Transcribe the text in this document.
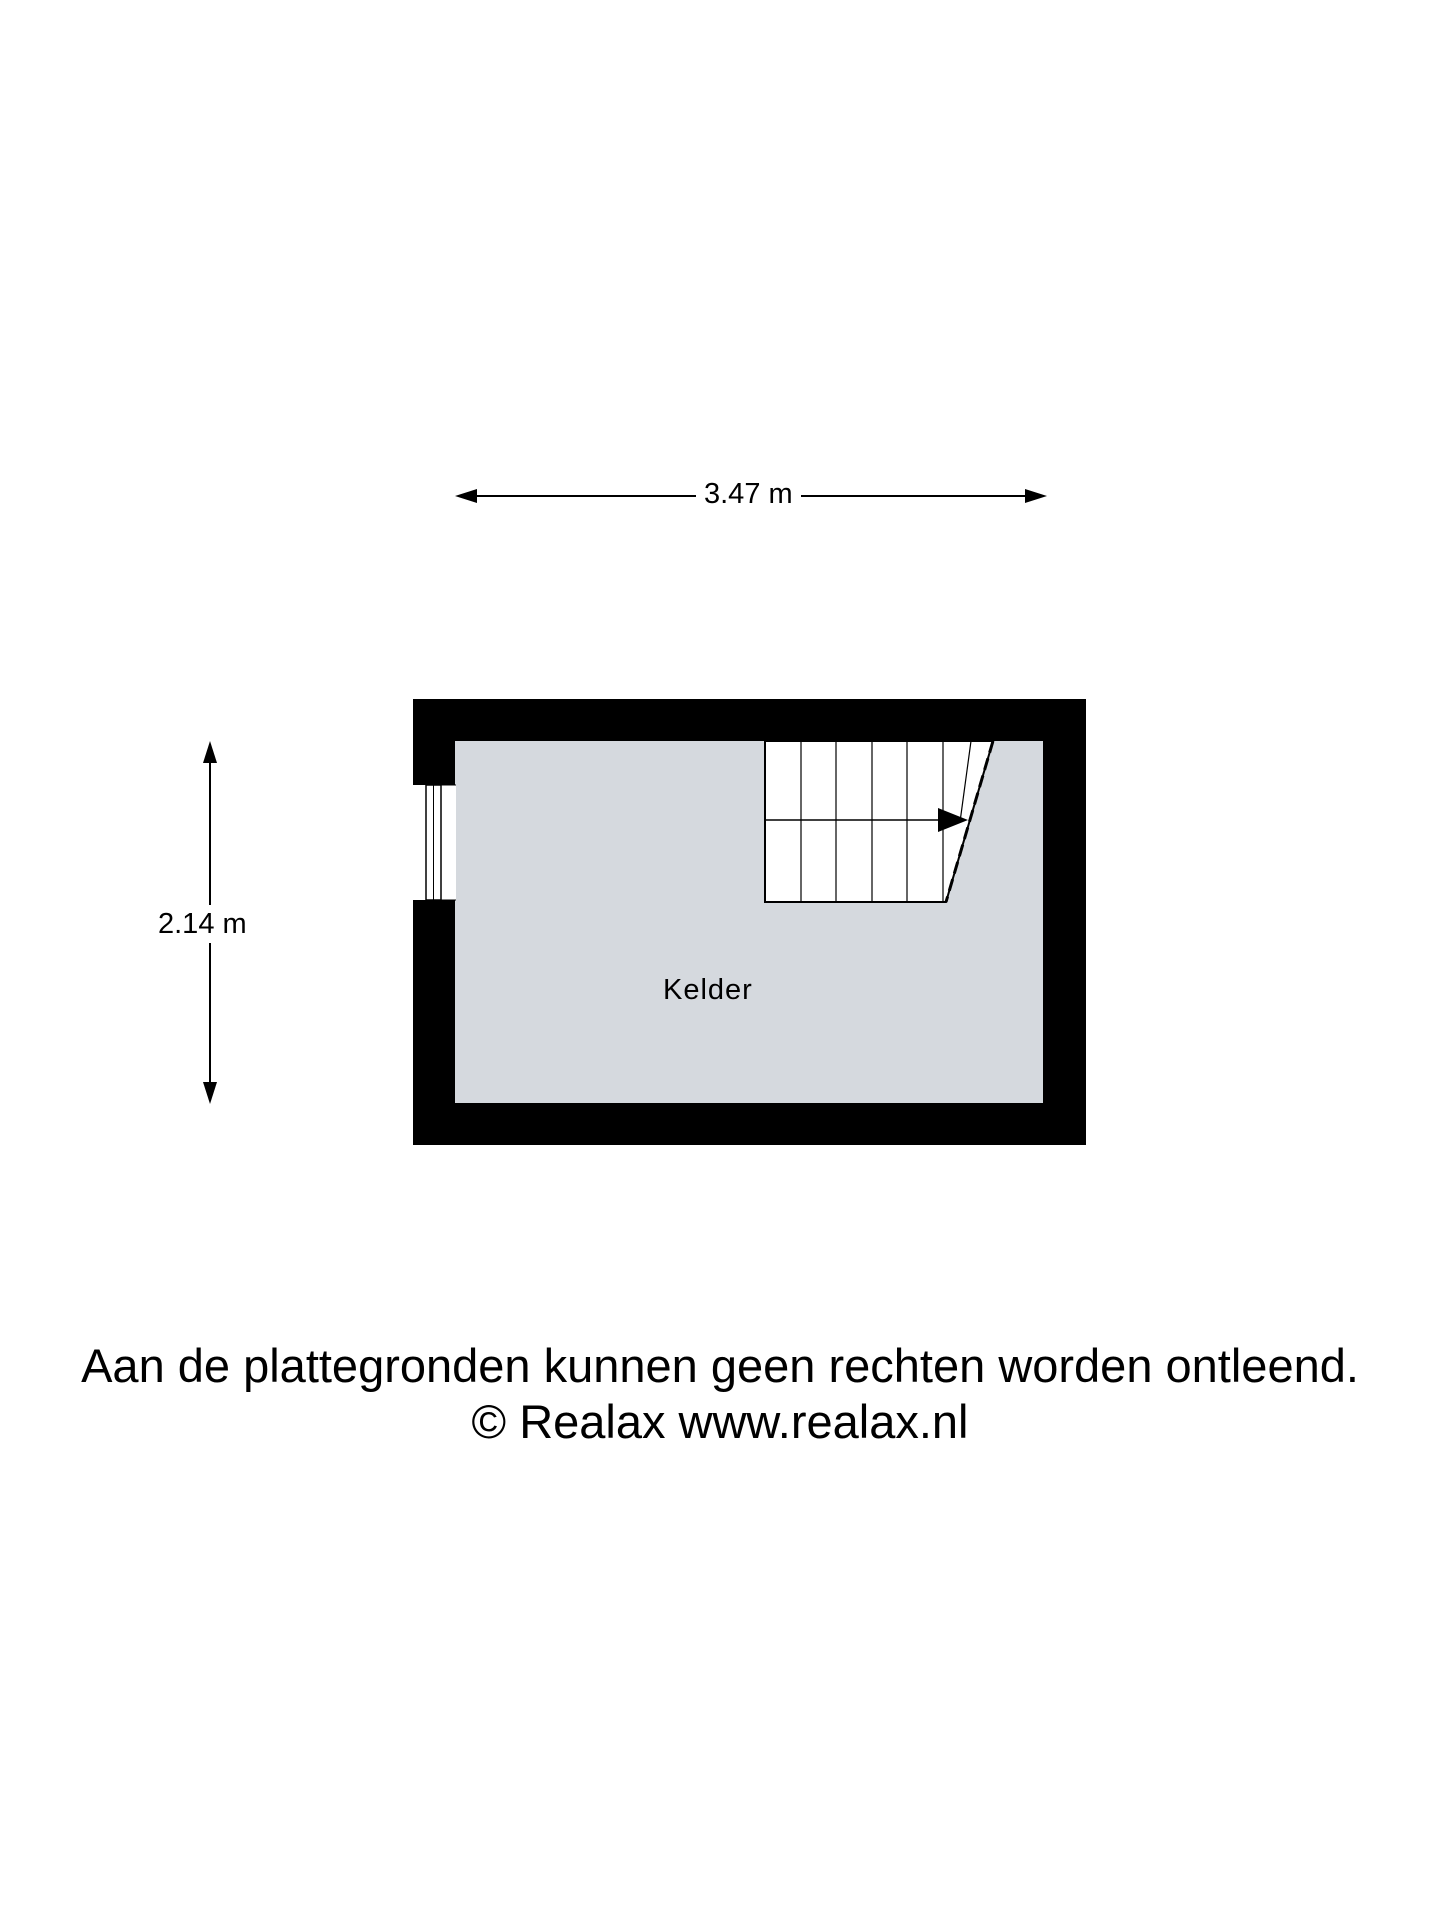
3.47 m
2.14 m
Kelder
Aan de plattegronden kunnen geen rechten worden ontleend.
© Realax www.realax.nl
